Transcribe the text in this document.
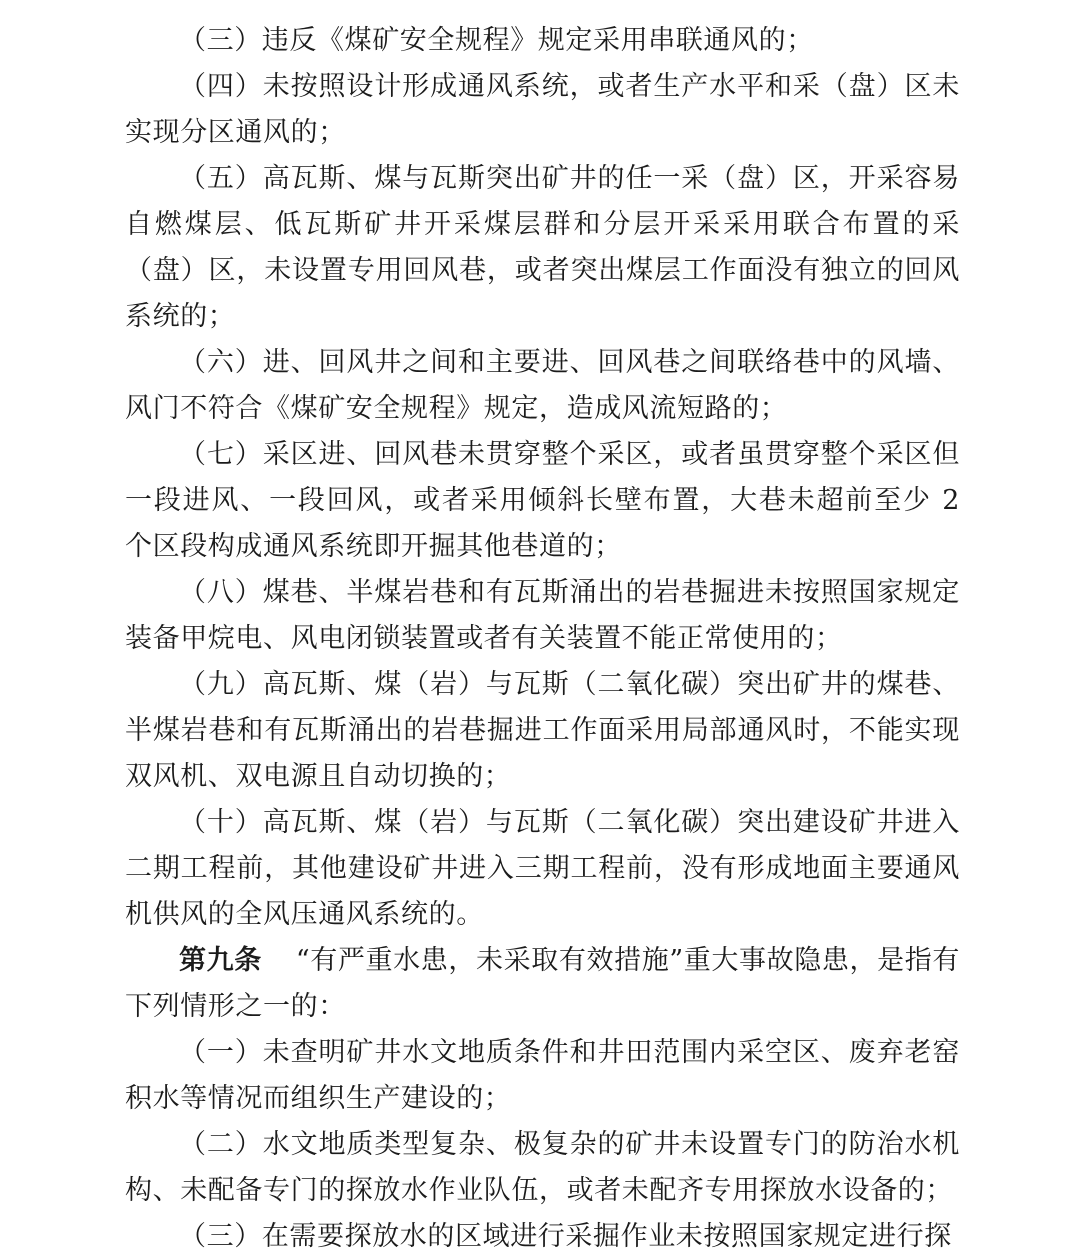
（三）违反《煤矿安全规程》规定采用串联通风的；

（四）未按照设计形成通风系统，或者生产水平和采（盘）区未实现分区通风的；

（五）高瓦斯、煤与瓦斯突出矿井的任一采（盘）区，开采容易自燃煤层、低瓦斯矿井开采煤层群和分层开采采用联合布置的采（盘）区，未设置专用回风巷，或者突出煤层工作面没有独立的回风系统的；

（六）进、回风井之间和主要进、回风巷之间联络巷中的风墙、风门不符合《煤矿安全规程》规定，造成风流短路的；

（七）采区进、回风巷未贯穿整个采区，或者虽贯穿整个采区但一段进风、一段回风，或者采用倾斜长壁布置，大巷未超前至少 2 个区段构成通风系统即开掘其他巷道的；

（八）煤巷、半煤岩巷和有瓦斯涌出的岩巷掘进未按照国家规定装备甲烷电、风电闭锁装置或者有关装置不能正常使用的；

（九）高瓦斯、煤（岩）与瓦斯（二氧化碳）突出矿井的煤巷、半煤岩巷和有瓦斯涌出的岩巷掘进工作面采用局部通风时，不能实现双风机、双电源且自动切换的；

（十）高瓦斯、煤（岩）与瓦斯（二氧化碳）突出建设矿井进入二期工程前，其他建设矿井进入三期工程前，没有形成地面主要通风机供风的全风压通风系统的。

第九条 “有严重水患，未采取有效措施”重大事故隐患，是指有下列情形之一的：

（一）未查明矿井水文地质条件和井田范围内采空区、废弃老窑积水等情况而组织生产建设的；

（二）水文地质类型复杂、极复杂的矿井未设置专门的防治水机构、未配备专门的探放水作业队伍，或者未配齐专用探放水设备的；

（三）在需要探放水的区域进行采掘作业未按照国家规定进行探
